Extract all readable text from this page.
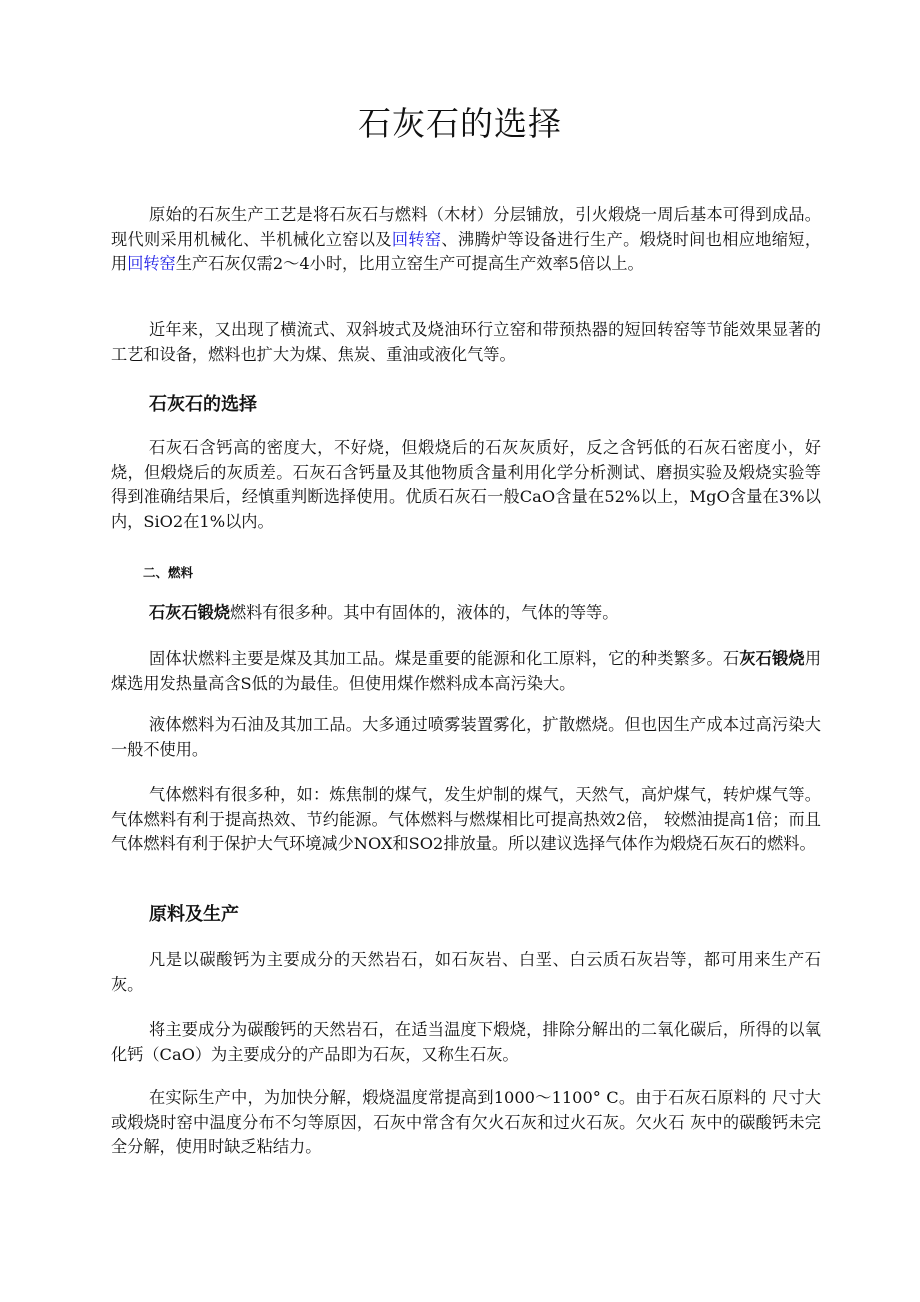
石灰石的选择

原始的石灰生产工艺是将石灰石与燃料（木材）分层铺放，引火煅烧一周后基本可得到成品。现代则采用机械化、半机械化立窑以及回转窑、沸腾炉等设备进行生产。煅烧时间也相应地缩短，用回转窑生产石灰仅需2～4小时，比用立窑生产可提高生产效率5倍以上。

近年来，又出现了横流式、双斜坡式及烧油环行立窑和带预热器的短回转窑等节能效果显著的工艺和设备，燃料也扩大为煤、焦炭、重油或液化气等。

石灰石的选择

石灰石含钙高的密度大，不好烧，但煅烧后的石灰灰质好，反之含钙低的石灰石密度小，好烧，但煅烧后的灰质差。石灰石含钙量及其他物质含量利用化学分析测试、磨损实验及煅烧实验等得到准确结果后，经慎重判断选择使用。优质石灰石一般CaO含量在52%以上，MgO含量在3%以内，SiO2在1%以内。

二、燃料

石灰石锻烧燃料有很多种。其中有固体的，液体的，气体的等等。

固体状燃料主要是煤及其加工品。煤是重要的能源和化工原料，它的种类繁多。石灰石锻烧用煤选用发热量高含S低的为最佳。但使用煤作燃料成本高污染大。

液体燃料为石油及其加工品。大多通过喷雾装置雾化，扩散燃烧。但也因生产成本过高污染大一般不使用。

气体燃料有很多种，如：炼焦制的煤气，发生炉制的煤气，天然气，高炉煤气，转炉煤气等。气体燃料有利于提高热效、节约能源。气体燃料与燃煤相比可提高热效2倍， 较燃油提高1倍；而且气体燃料有利于保护大气环境减少NOX和SO2排放量。所以建议选择气体作为煅烧石灰石的燃料。

原料及生产

凡是以碳酸钙为主要成分的天然岩石，如石灰岩、白垩、白云质石灰岩等，都可用来生产石灰。

将主要成分为碳酸钙的天然岩石，在适当温度下煅烧，排除分解出的二氧化碳后，所得的以氧化钙（CaO）为主要成分的产品即为石灰，又称生石灰。

在实际生产中，为加快分解，煅烧温度常提高到1000～1100° C。由于石灰石原料的 尺寸大或煅烧时窑中温度分布不匀等原因，石灰中常含有欠火石灰和过火石灰。欠火石 灰中的碳酸钙未完全分解，使用时缺乏粘结力。
